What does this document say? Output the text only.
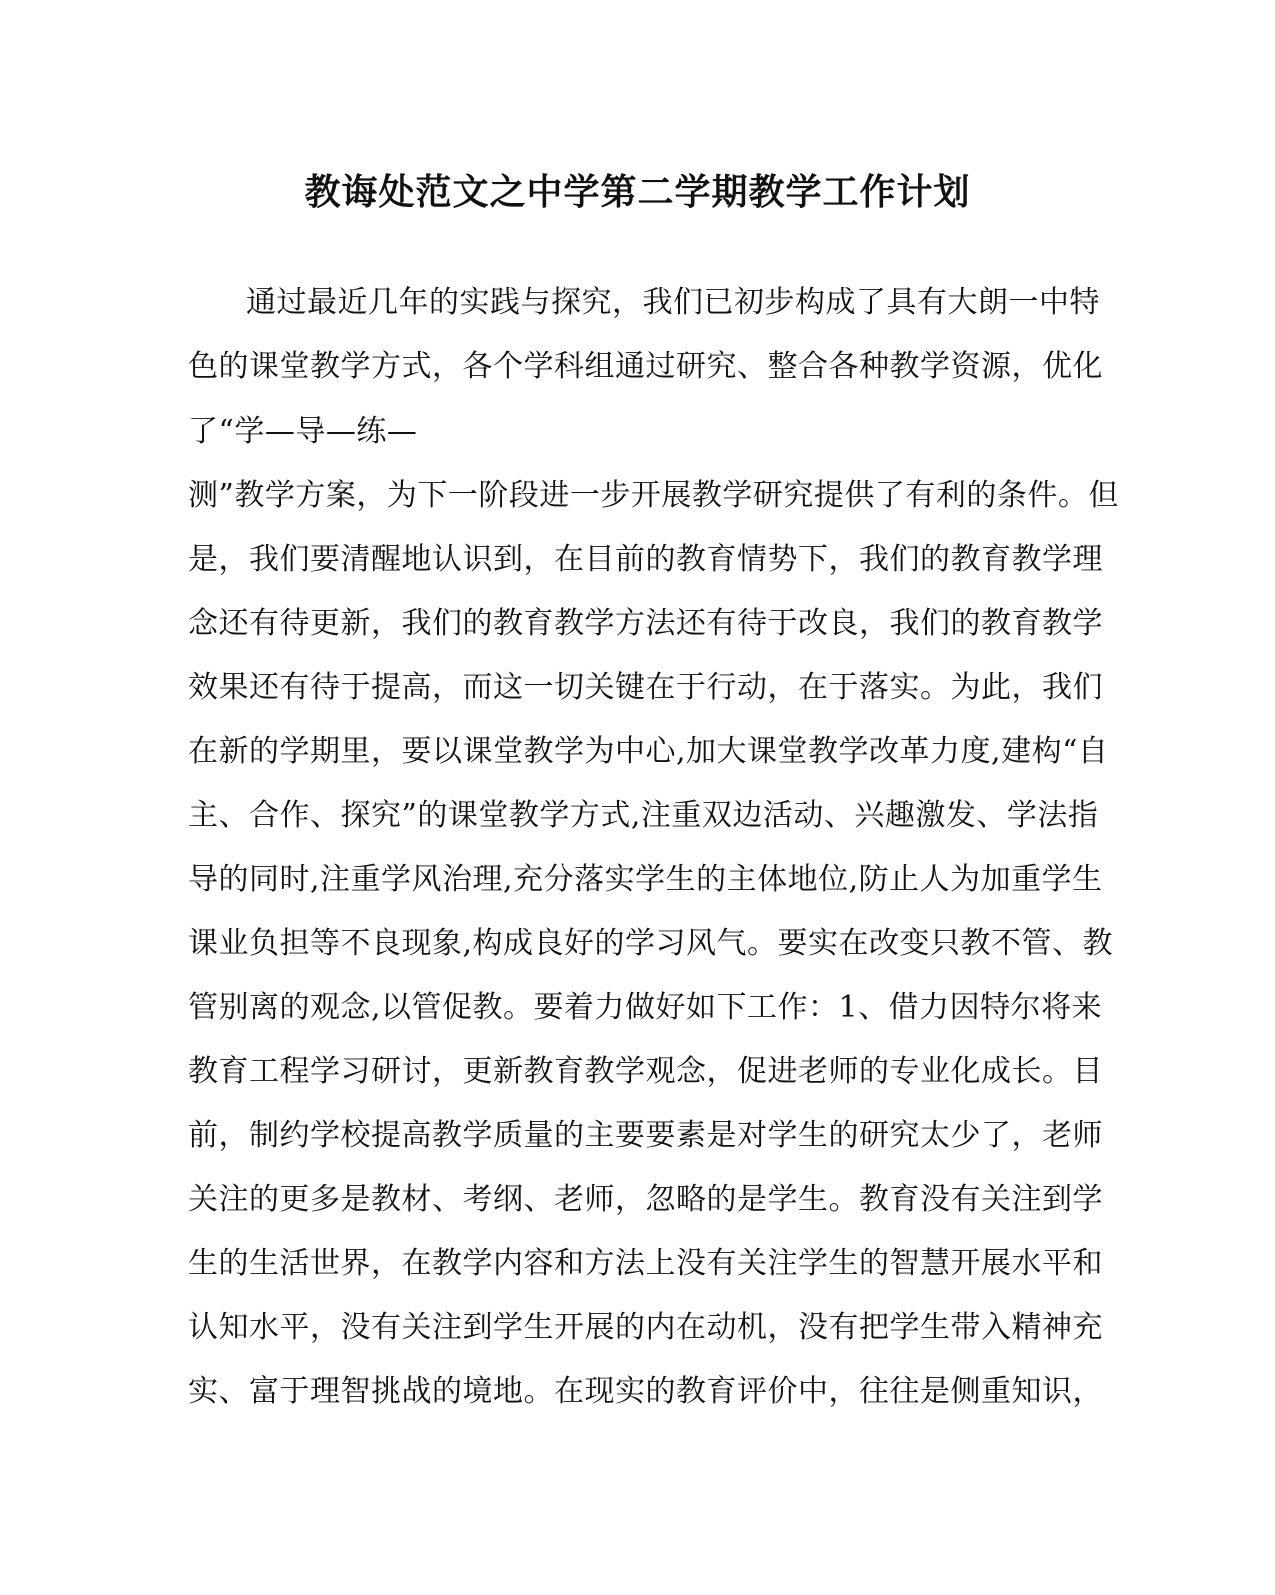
教诲处范文之中学第二学期教学工作计划
通过最近几年的实践与探究，我们已初步构成了具有大朗一中特
色的课堂教学方式，各个学科组通过研究、整合各种教学资源，优化
了“学—导—练—
测”教学方案，为下一阶段进一步开展教学研究提供了有利的条件。但
是，我们要清醒地认识到，在目前的教育情势下，我们的教育教学理
念还有待更新，我们的教育教学方法还有待于改良，我们的教育教学
效果还有待于提高，而这一切关键在于行动，在于落实。为此，我们
在新的学期里，要以课堂教学为中心,加大课堂教学改革力度,建构“自
主、合作、探究”的课堂教学方式,注重双边活动、兴趣激发、学法指
导的同时,注重学风治理,充分落实学生的主体地位,防止人为加重学生
课业负担等不良现象,构成良好的学习风气。要实在改变只教不管、教
管别离的观念,以管促教。要着力做好如下工作：1、借力因特尔将来
教育工程学习研讨，更新教育教学观念，促进老师的专业化成长。目
前，制约学校提高教学质量的主要要素是对学生的研究太少了，老师
关注的更多是教材、考纲、老师，忽略的是学生。教育没有关注到学
生的生活世界，在教学内容和方法上没有关注学生的智慧开展水平和
认知水平，没有关注到学生开展的内在动机，没有把学生带入精神充
实、富于理智挑战的境地。在现实的教育评价中，往往是侧重知识，
